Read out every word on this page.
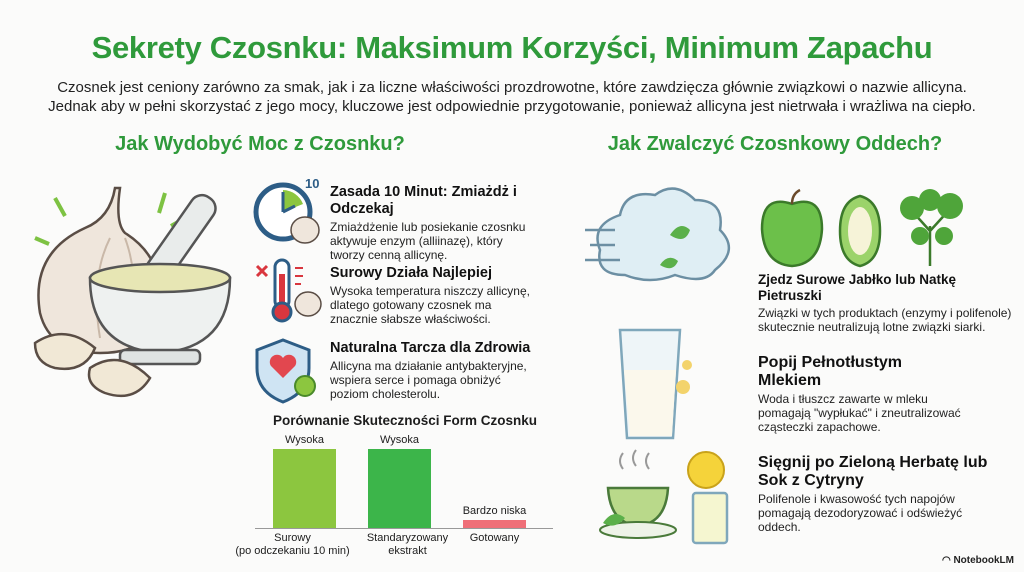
Sekrety Czosnku: Maksimum Korzyści, Minimum Zapachu
Czosnek jest ceniony zarówno za smak, jak i za liczne właściwości prozdrowotne, które zawdzięcza głównie związkowi o nazwie allicyna.
Jednak aby w pełni skorzystać z jego mocy, kluczowe jest odpowiednie przygotowanie, ponieważ allicyna jest nietrwała i wrażliwa na ciepło.
Jak Wydobyć Moc z Czosnku?	Jak Zwalczyć Czosnkowy Oddech?
10
Zasada 10 Minut: Zmiażdż i Odczekaj
Zmiażdżenie lub posiekanie czosnku aktywuje enzym (alliinazę), który tworzy cenną allicynę.
Surowy Działa Najlepiej
Wysoka temperatura niszczy allicynę, dlatego gotowany czosnek ma znacznie słabsze właściwości.
Naturalna Tarcza dla Zdrowia
Allicyna ma działanie antybakteryjne, wspiera serce i pomaga obniżyć poziom cholesterolu.
Porównanie Skuteczności Form Czosnku
Wysoka
Surowy
(po odczekaniu 10 min)
Wysoka
Standaryzowany
ekstrakt
Bardzo niska
Gotowany
Zjedz Surowe Jabłko lub Natkę Pietruszki
Związki w tych produktach (enzymy i polifenole) skutecznie neutralizują lotne związki siarki.
Popij Pełnotłustym Mlekiem
Woda i tłuszcz zawarte w mleku pomagają "wypłukać" i zneutralizować cząsteczki zapachowe.
Sięgnij po Zieloną Herbatę lub Sok z Cytryny
Polifenole i kwasowość tych napojów pomagają dezodoryzować i odświeżyć oddech.
◠ NotebookLM
